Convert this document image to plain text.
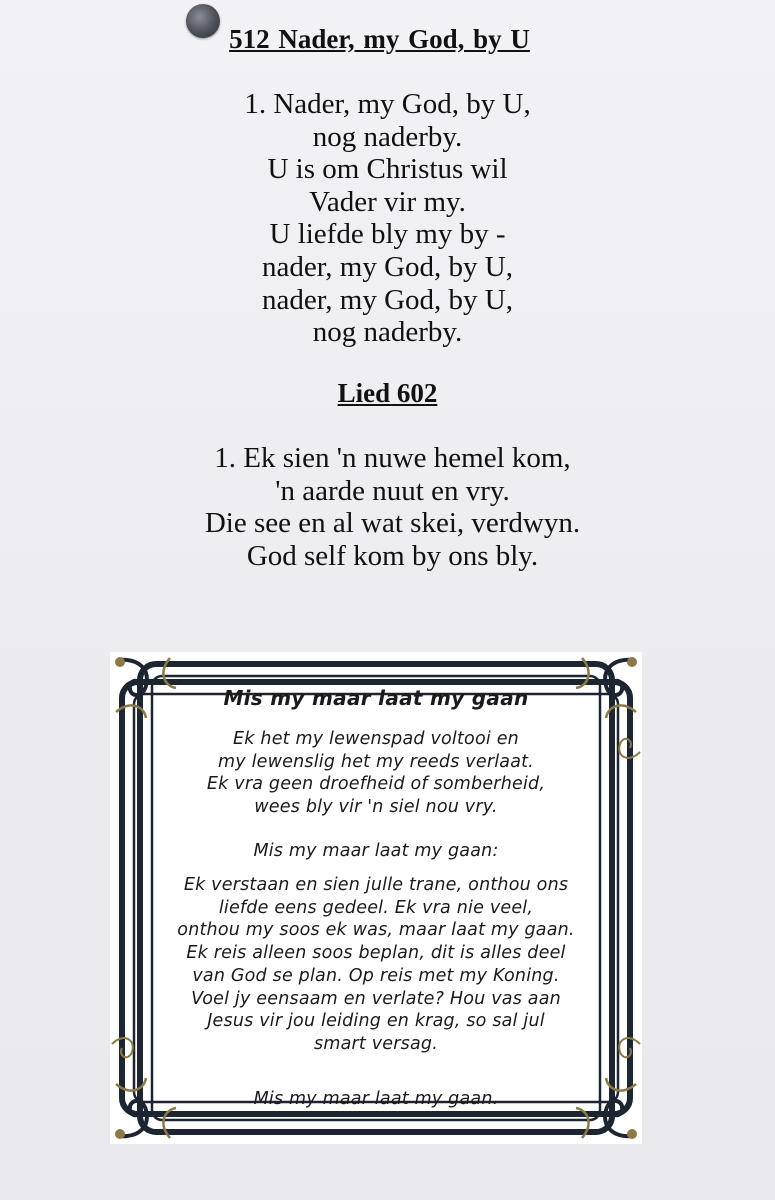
512 Nader, my God, by U
1. Nader, my God, by U,
nog naderby.
U is om Christus wil
Vader vir my.
U liefde bly my by -
nader, my God, by U,
nader, my God, by U,
nog naderby.
Lied 602
1. Ek sien 'n nuwe hemel kom,
'n aarde nuut en vry.
Die see en al wat skei, verdwyn.
God self kom by ons bly.
Mis my maar laat my gaan
Ek het my lewenspad voltooi en
my lewenslig het my reeds verlaat.
Ek vra geen droefheid of somberheid,
wees bly vir 'n siel nou vry.
Mis my maar laat my gaan:
Ek verstaan en sien julle trane, onthou ons
liefde eens gedeel. Ek vra nie veel,
onthou my soos ek was, maar laat my gaan.
Ek reis alleen soos beplan, dit is alles deel
van God se plan. Op reis met my Koning.
Voel jy eensaam en verlate? Hou vas aan
Jesus vir jou leiding en krag, so sal jul
smart versag.
Mis my maar laat my gaan.
